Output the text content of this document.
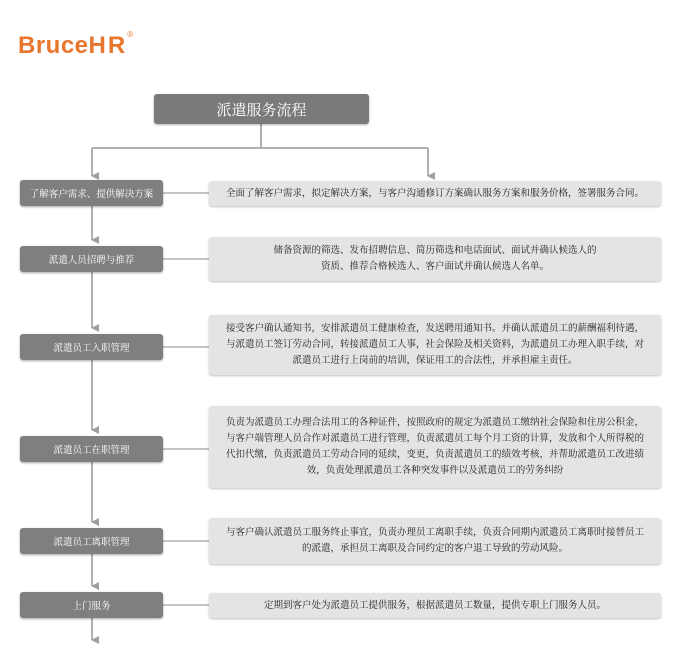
BruceHR®
派遣服务流程
了解客户需求、提供解决方案	全面了解客户需求，拟定解决方案，与客户沟通修订方案确认服务方案和服务价格，签署服务合同。
派遣人员招聘与推荐
储备资源的筛选、发布招聘信息、简历筛选和电话面试、面试并确认候选人的资质、推荐合格候选人、客户面试并确认候选人名单。
派遣员工入职管理
接受客户确认通知书，安排派遣员工健康检查，发送聘用通知书。并确认派遣员工的薪酬福利待遇，与派遣员工签订劳动合同，转接派遣员工人事，社会保险及相关资料，为派遣员工办理入职手续，对派遣员工进行上岗前的培训，保证用工的合法性，并承担雇主责任。
派遣员工在职管理
负责为派遣员工办理合法用工的各种证件，按照政府的规定为派遣员工缴纳社会保险和住房公积金，与客户端管理人员合作对派遣员工进行管理，负责派遣员工每个月工资的计算，发放和个人所得税的代扣代缴，负责派遣员工劳动合同的延续，变更，负责派遣员工的绩效考核，并帮助派遣员工改进绩效，负责处理派遣员工各种突发事件以及派遣员工的劳务纠纷
派遣员工离职管理
与客户确认派遣员工服务终止事宜，负责办理员工离职手续，负责合同期内派遣员工离职时接替员工的派遣，承担员工离职及合同约定的客户退工导致的劳动风险。
上门服务	定期到客户处为派遣员工提供服务，根据派遣员工数量，提供专职上门服务人员。
